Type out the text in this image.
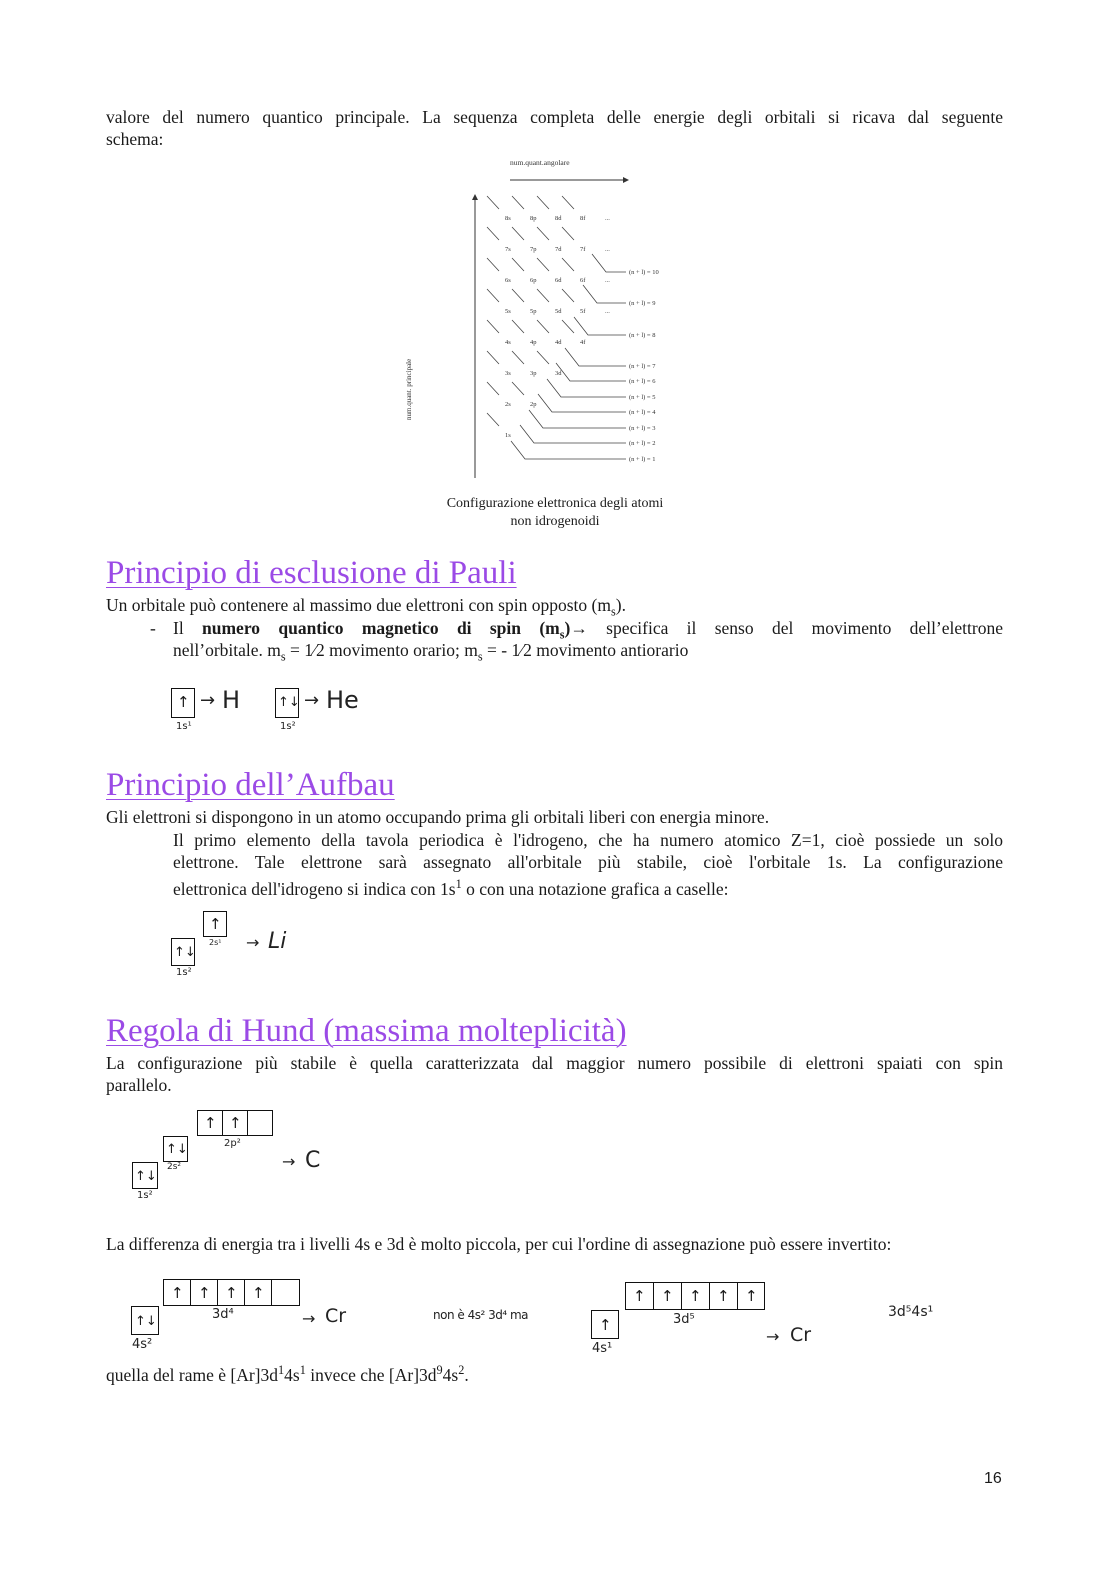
valore del numero quantico principale. La sequenza completa delle energie degli orbitali si ricava dal seguente
schema:
8s	8p	8d	8f	...
7s	7p	7d	7f	...
6s	6p	6d	6f	...
5s	5p	5d	5f	...
4s	4p	4d	4f
3s	3p	3d
2s	2p
1s
(n + l) = 10
(n + l) = 9
(n + l) = 8
(n + l) = 7
(n + l) = 6
(n + l) = 5
(n + l) = 4
(n + l) = 3
(n + l) = 2
(n + l) = 1
num.quant.angolare
num.quant. principale
Configurazione elettronica degli atomi
non idrogenoidi
Principio di esclusione di Pauli
Un orbitale può contenere al massimo due elettroni con spin opposto $(m_s)$.
- Il numero quantico magnetico di spin $(m_s)\to$ specifica il senso del movimento dell’elettrone
nell’orbitale. $m_s$ = 1⁄2 movimento orario; $m_s$ = - 1⁄2 movimento antiorario
↑
1s¹
→ H	↑↓
1s²
→ He
Principio dell’Aufbau
Gli elettroni si dispongono in un atomo occupando prima gli orbitali liberi con energia minore.
Il primo elemento della tavola periodica è l'idrogeno, che ha numero atomico Z=1, cioè possiede un solo
elettrone. Tale elettrone sarà assegnato all'orbitale più stabile, cioè l'orbitale 1s. La configurazione
elettronica dell'idrogeno si indica con $1s^1$ o con una notazione grafica a caselle:
↑
2s¹
↑↓
1s²
→ Li
Regola di Hund (massima molteplicità)
La configurazione più stabile è quella caratterizzata dal maggior numero possibile di elettroni spaiati con spin
parallelo.
↑ ↑
2p²
↑↓
2s²
↑↓
1s²
→ C
La differenza di energia tra i livelli 4s e 3d è molto piccola, per cui l'ordine di assegnazione può essere invertito:
↑ ↑ ↑ ↑
3d⁴
↑↓
4s²
→ Cr	non è 4s² 3d⁴ ma
↑ ↑ ↑ ↑ ↑
3d⁵
↑
4s¹
→ Cr
3d⁵4s¹
quella del rame è $[Ar]3d^14s^1$ invece che $[Ar]3d^94s^2$.
16
